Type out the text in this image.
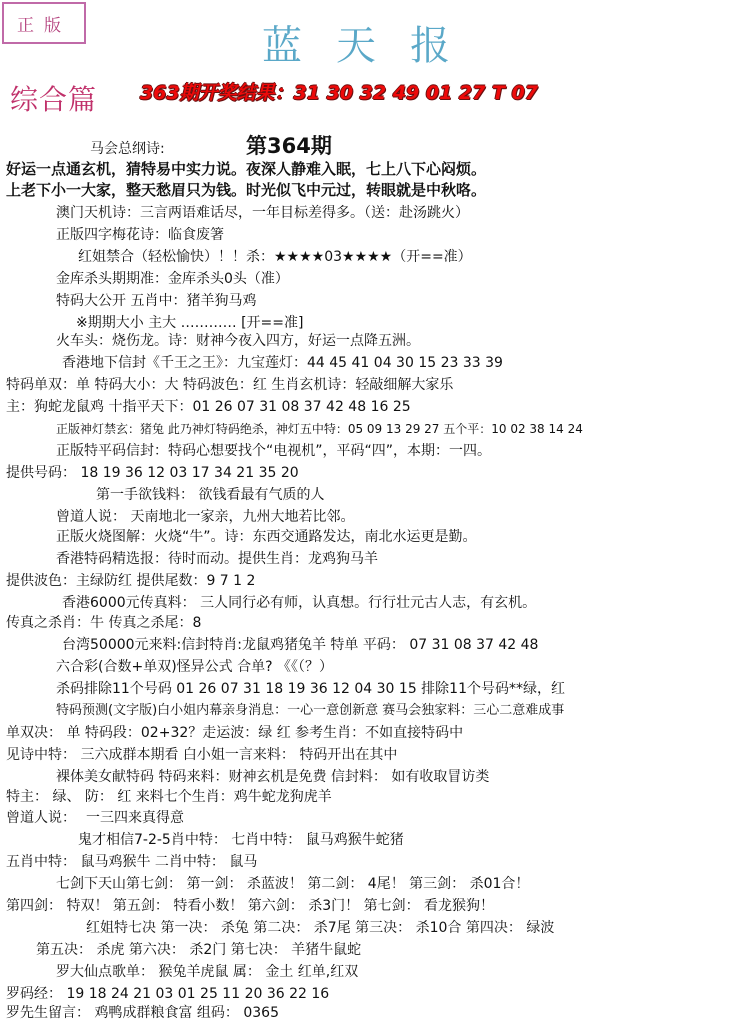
正版	蓝天报
综合篇 363期开奖结果：31 30 32 49 01 27 T 07
第364期
马会总纲诗:
好运一点通玄机，猜特易中实力说。夜深人静难入眠，七上八下心闷烦。
上老下小一大家，整天愁眉只为钱。时光似飞中元过，转眼就是中秋咯。
澳门天机诗：三言两语难话尽，一年目标差得多。（送：赴汤跳火）
正版四字梅花诗：临食废箸
红姐禁合（轻松愉快）！！杀：★★★★03★★★★（开==准）
金库杀头期期准：金库杀头0头（准）
特码大公开 五肖中：猪羊狗马鸡
※期期大小 主大 ………… [开==准]
火车头：烧伤龙。诗：财神今夜入四方，好运一点降五洲。
香港地下信封《千王之王》：九宝莲灯：44 45 41 04 30 15 23 33 39
特码单双：单 特码大小：大 特码波色：红 生肖玄机诗：轻敲细解大家乐
主：狗蛇龙鼠鸡 十指平天下：01 26 07 31 08 37 42 48 16 25
正版神灯禁玄：猪兔 此乃神灯特码绝杀，神灯五中特：05 09 13 29 27 五个平：10 02 38 14 24
正版特平码信封：特码心想要找个“电视机”，平码“四”，本期：一四。
提供号码： 18 19 36 12 03 17 34 21 35 20
第一手欲钱料： 欲钱看最有气质的人
曾道人说： 天南地北一家亲，九州大地若比邻。
正版火烧图解：火烧“牛”。诗：东西交通路发达，南北水运更是勤。
香港特码精选报：待时而动。提供生肖：龙鸡狗马羊
提供波色：主绿防红 提供尾数：9 7 1 2
香港6000元传真料： 三人同行必有师，认真想。行行壮元古人志，有玄机。
传真之杀肖：牛 传真之杀尾：8
台湾50000元来料:信封特肖:龙鼠鸡猪兔羊 特单 平码： 07 31 08 37 42 48
六合彩(合数+单双)怪异公式 合单? 《《（？）
杀码排除11个号码 01 26 07 31 18 19 36 12 04 30 15 排除11个号码**绿，红
特码预测(文字版)白小姐内幕亲身消息：一心一意创新意 赛马会独家料：三心二意难成事
单双决： 单 特码段：02+32？走运波：绿 红 参考生肖：不如直接特码中
见诗中特： 三六成群本期看 白小姐一言来料： 特码开出在其中
裸体美女献特码 特码来料：财神玄机是免费 信封料： 如有收取冒访类
特主： 绿、 防： 红 来料七个生肖：鸡牛蛇龙狗虎羊
曾道人说： 一三四来真得意
鬼才相信7-2-5肖中特： 七肖中特： 鼠马鸡猴牛蛇猪
五肖中特： 鼠马鸡猴牛 二肖中特： 鼠马
七剑下天山第七剑： 第一剑： 杀蓝波！ 第二剑： 4尾！ 第三剑： 杀01合！
第四剑： 特双！ 第五剑： 特看小数！ 第六剑： 杀3门！ 第七剑： 看龙猴狗！
红姐特七决 第一决： 杀兔 第二决： 杀7尾 第三决： 杀10合 第四决： 绿波
第五决： 杀虎 第六决： 杀2门 第七决： 羊猪牛鼠蛇
罗大仙点歌单： 猴兔羊虎鼠 属： 金土 红单,红双
罗码经： 19 18 24 21 03 01 25 11 20 36 22 16
罗先生留言： 鸡鸭成群粮食富 组码： 0365
